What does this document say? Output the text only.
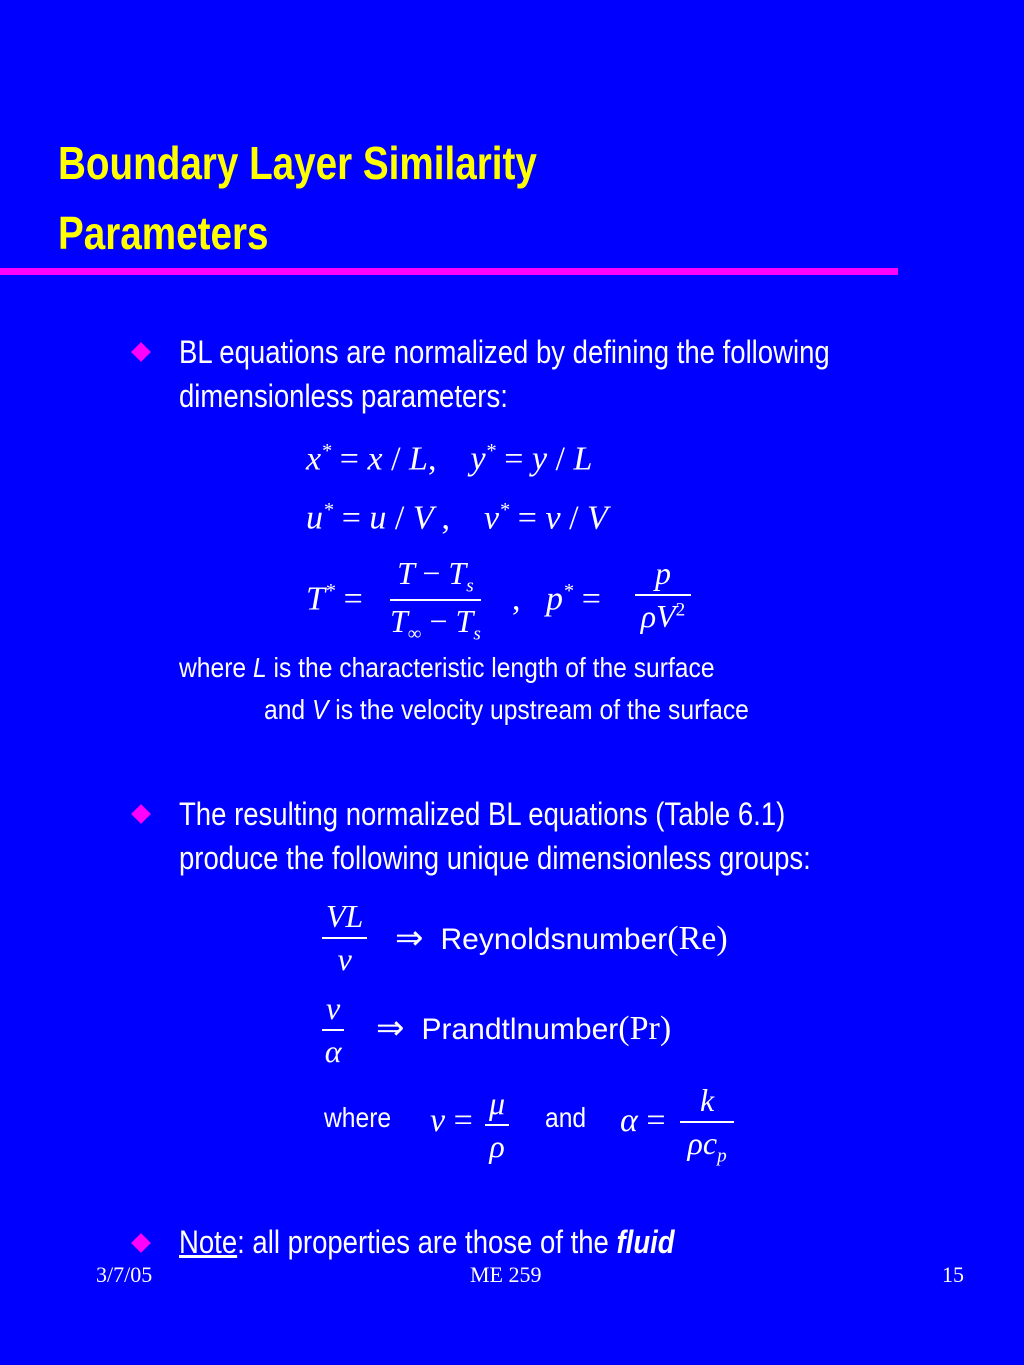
Boundary Layer Similarity
Parameters
BL equations are normalized by defining the following
dimensionless parameters:
x* = x / L,    y* = y / L
u* = u / V ,    v* = v / V
$T^* = \frac{T - T_s}{T_\infty - T_s}$ ,   $p^* = \frac{p}{\rho V^2}$
where L is the characteristic length of the surface
and V is the velocity upstream of the surface
The resulting normalized BL equations (Table 6.1)
produce the following unique dimensionless groups:
$\frac{VL}{\nu}$ ⇒ Reynoldsnumber(Re)
$\frac{\nu}{\alpha}$ ⇒ Prandtlnumber(Pr)
where $\nu = \frac{\mu}{\rho}$ and α =
k
$\rho c_p$
Note: all properties are those of the fluid
3/7/05	ME 259	15
